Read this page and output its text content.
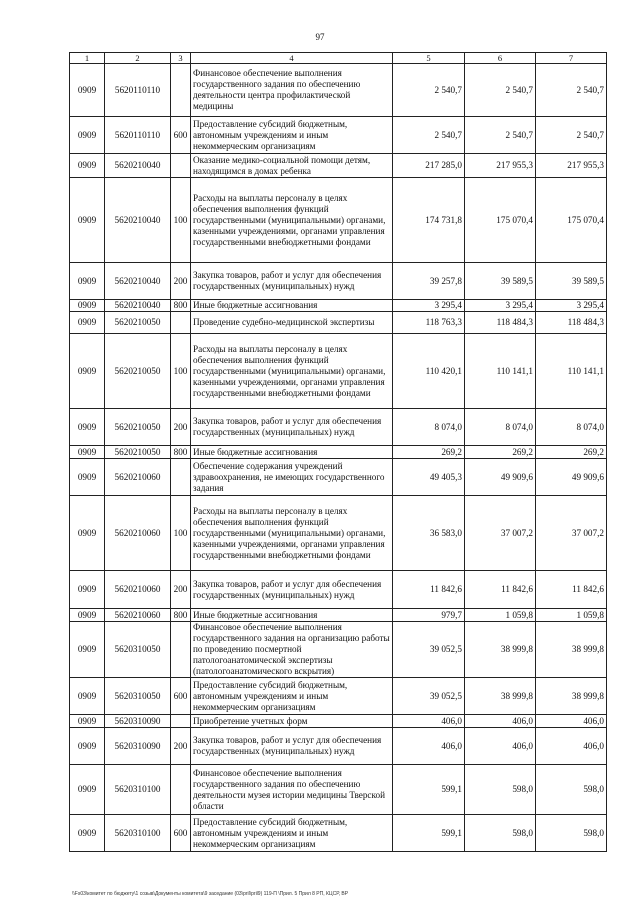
97
1	2	3	4	5	6	7
0909	5620110110		Финансовое обеспечение выполнения государственного задания по обеспечению деятельности центра профилактической медицины	2 540,7	2 540,7	2 540,7
0909	5620110110	600	Предоставление субсидий бюджетным, автономным учреждениям и иным некоммерческим организациям	2 540,7	2 540,7	2 540,7
0909	5620210040		Оказание медико-социальной помощи детям, находящимся в домах ребенка	217 285,0	217 955,3	217 955,3
0909	5620210040	100	Расходы на выплаты персоналу в целях обеспечения выполнения функций государственными (муниципальными) органами, казенными учреждениями, органами управления государственными внебюджетными фондами	174 731,8	175 070,4	175 070,4
0909	5620210040	200	Закупка товаров, работ и услуг для обеспечения государственных (муниципальных) нужд	39 257,8	39 589,5	39 589,5
0909	5620210040	800	Иные бюджетные ассигнования	3 295,4	3 295,4	3 295,4
0909	5620210050		Проведение судебно-медицинской экспертизы	118 763,3	118 484,3	118 484,3
0909	5620210050	100	Расходы на выплаты персоналу в целях обеспечения выполнения функций государственными (муниципальными) органами, казенными учреждениями, органами управления государственными внебюджетными фондами	110 420,1	110 141,1	110 141,1
0909	5620210050	200	Закупка товаров, работ и услуг для обеспечения государственных (муниципальных) нужд	8 074,0	8 074,0	8 074,0
0909	5620210050	800	Иные бюджетные ассигнования	269,2	269,2	269,2
0909	5620210060		Обеспечение содержания учреждений здравоохранения, не имеющих государственного задания	49 405,3	49 909,6	49 909,6
0909	5620210060	100	Расходы на выплаты персоналу в целях обеспечения выполнения функций государственными (муниципальными) органами, казенными учреждениями, органами управления государственными внебюджетными фондами	36 583,0	37 007,2	37 007,2
0909	5620210060	200	Закупка товаров, работ и услуг для обеспечения государственных (муниципальных) нужд	11 842,6	11 842,6	11 842,6
0909	5620210060	800	Иные бюджетные ассигнования	979,7	1 059,8	1 059,8
0909	5620310050		Финансовое обеспечение выполнения государственного задания на организацию работы по проведению посмертной патологоанатомической экспертизы (патологоанатомического вскрытия)	39 052,5	38 999,8	38 999,8
0909	5620310050	600	Предоставление субсидий бюджетным, автономным учреждениям и иным некоммерческим организациям	39 052,5	38 999,8	38 999,8
0909	5620310090		Приобретение учетных форм	406,0	406,0	406,0
0909	5620310090	200	Закупка товаров, работ и услуг для обеспечения государственных (муниципальных) нужд	406,0	406,0	406,0
0909	5620310100		Финансовое обеспечение выполнения государственного задания по обеспечению деятельности музея истории медицины Тверской области	599,1	598,0	598,0
0909	5620310100	600	Предоставление субсидий бюджетным, автономным учреждениям и иным некоммерческим организациям	599,1	598,0	598,0
\\Fs03\комитет по бюджету\1 созыв\Документы комитета\9 заседание (03\pril\pril9) 119-П \Прил. 5 Прил 8 РП, КЦСР, ВР
